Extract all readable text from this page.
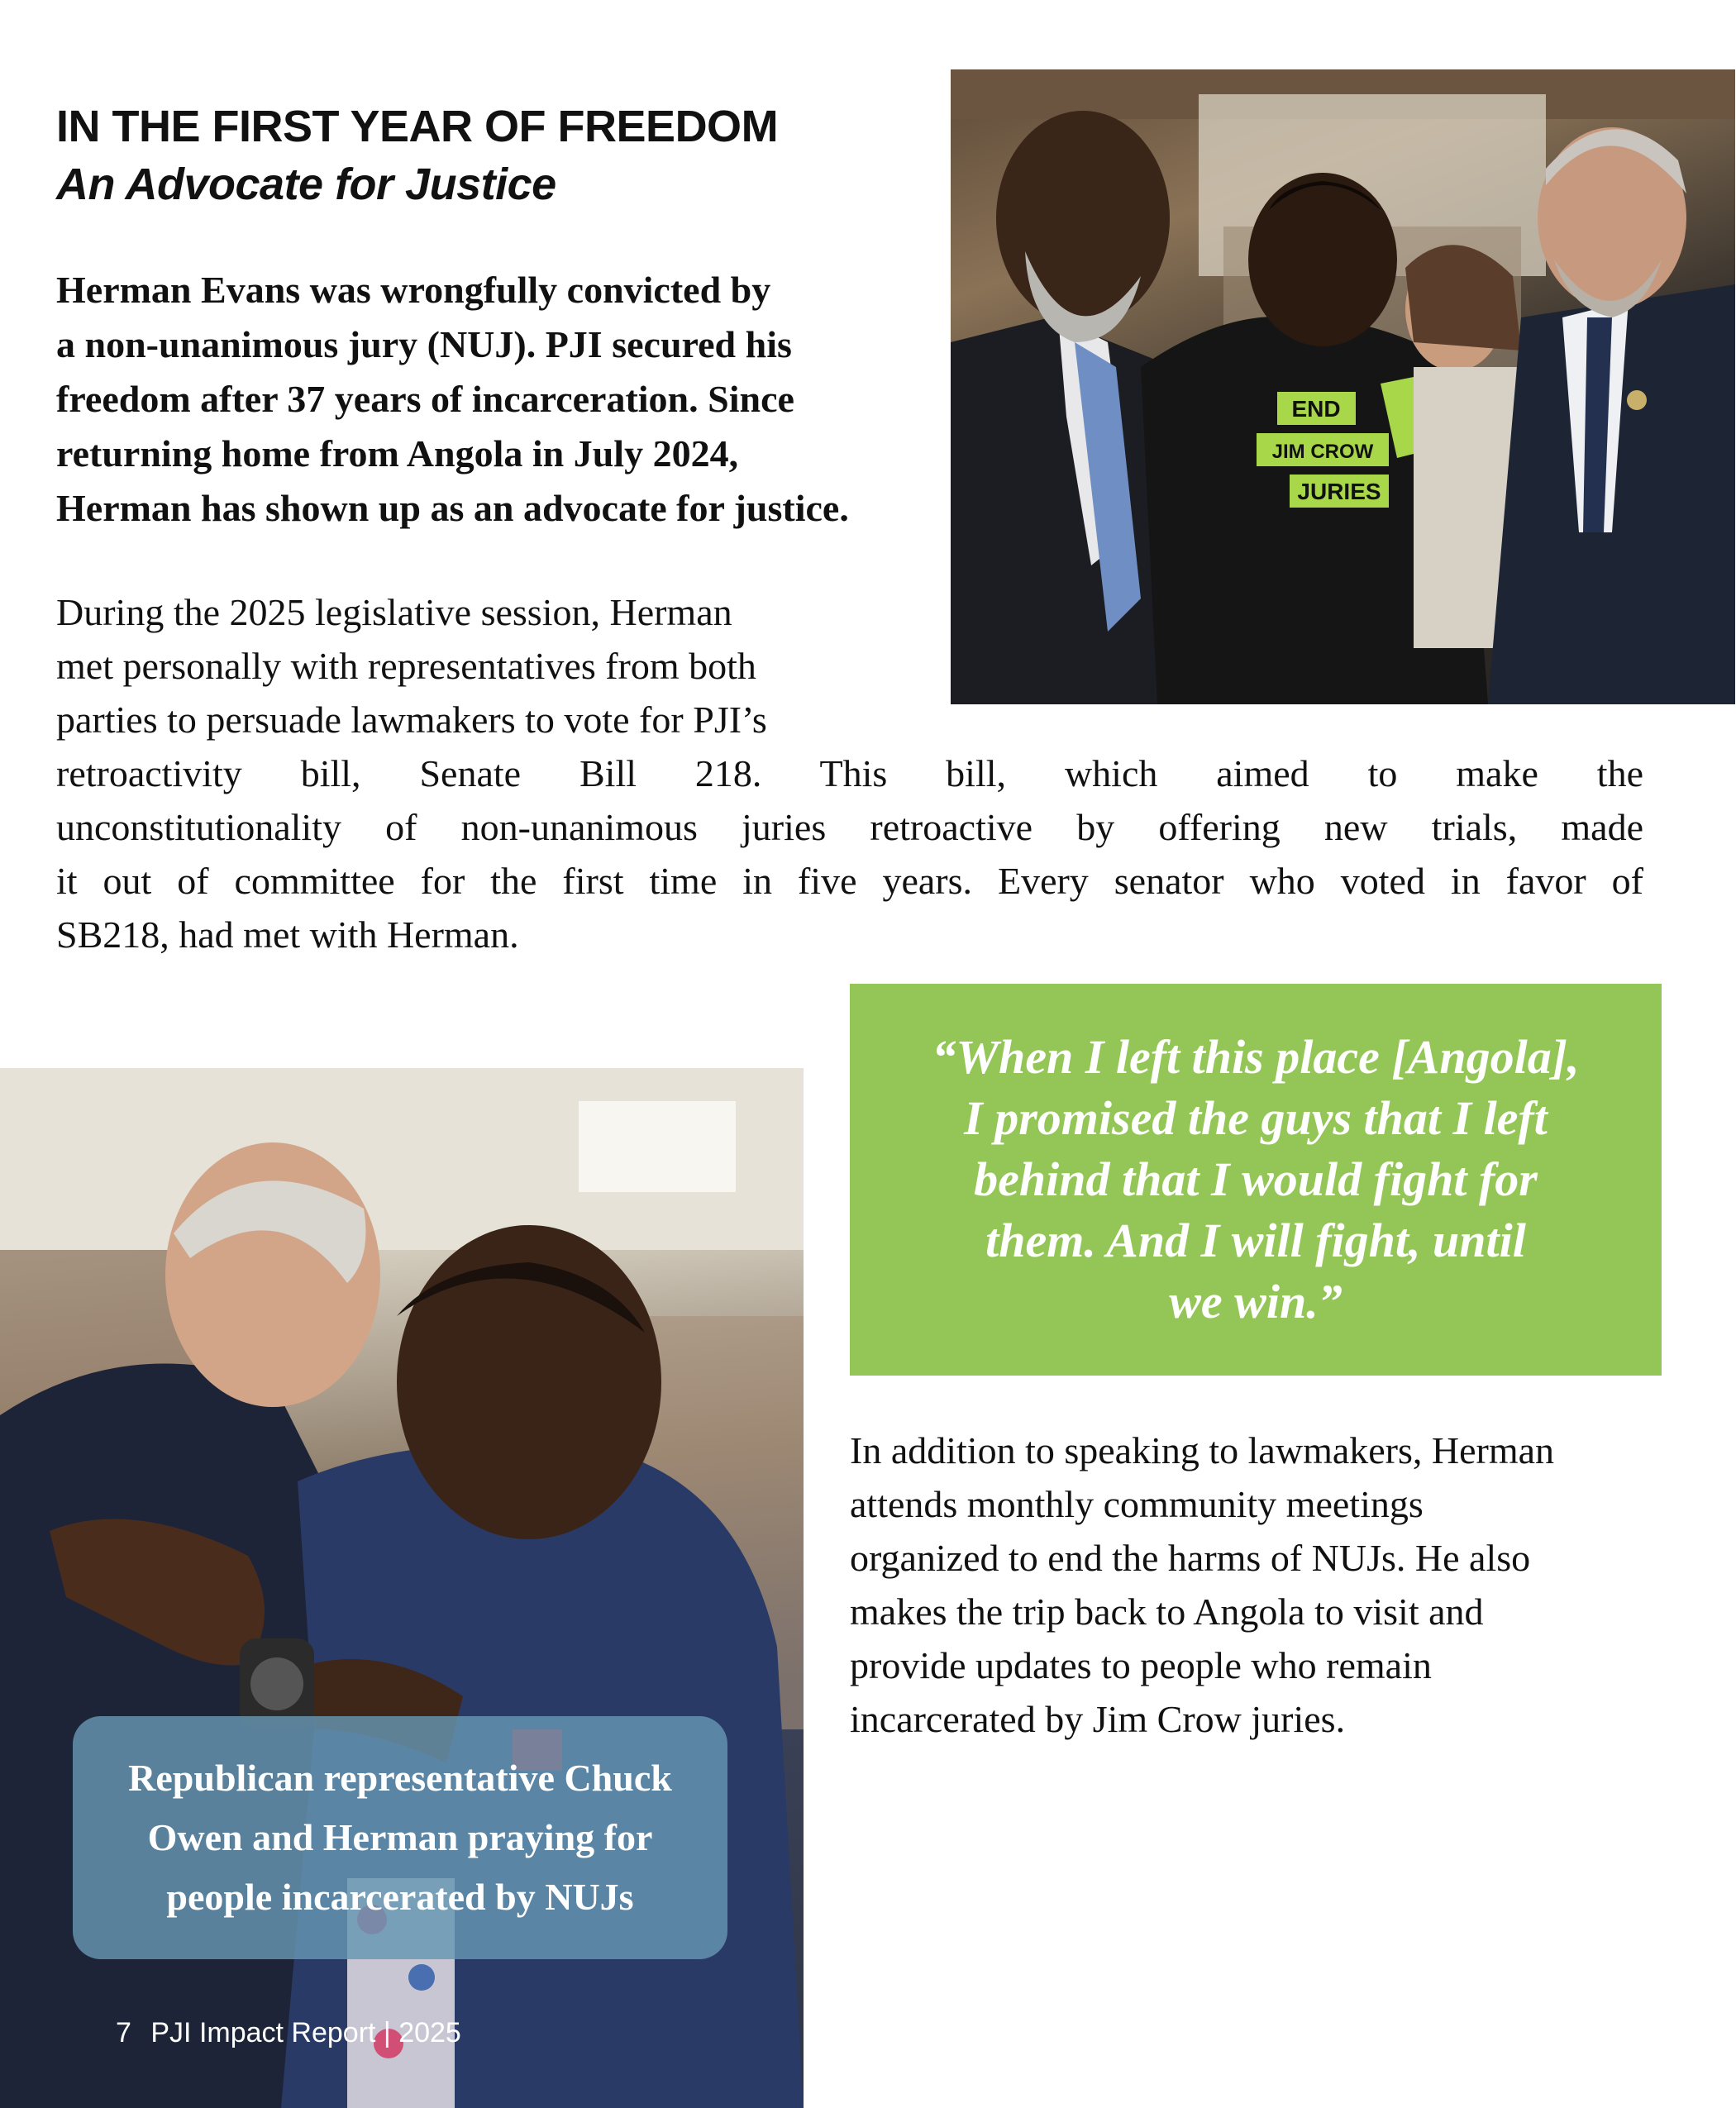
IN THE FIRST YEAR OF FREEDOM
An Advocate for Justice

Herman Evans was wrongfully convicted by
a non-unanimous jury (NUJ). PJI secured his
freedom after 37 years of incarceration. Since
returning home from Angola in July 2024,
Herman has shown up as an advocate for justice.

During the 2025 legislative session, Herman
met personally with representatives from both
parties to persuade lawmakers to vote for PJI’s
retroactivity bill, Senate Bill 218. This bill, which aimed to make the
unconstitutionality of non-unanimous juries retroactive by offering new trials, made
it out of committee for the first time in five years. Every senator who voted in favor of
SB218, had met with Herman.

END
JIM CROW
JURIES

“When I left this place [Angola],
I promised the guys that I left
behind that I would fight for
them. And I will fight, until
we win.”

In addition to speaking to lawmakers, Herman
attends monthly community meetings
organized to end the harms of NUJs. He also
makes the trip back to Angola to visit and
provide updates to people who remain
incarcerated by Jim Crow juries.

Republican representative Chuck
Owen and Herman praying for
people incarcerated by NUJs
7 PJI Impact Report | 2025
